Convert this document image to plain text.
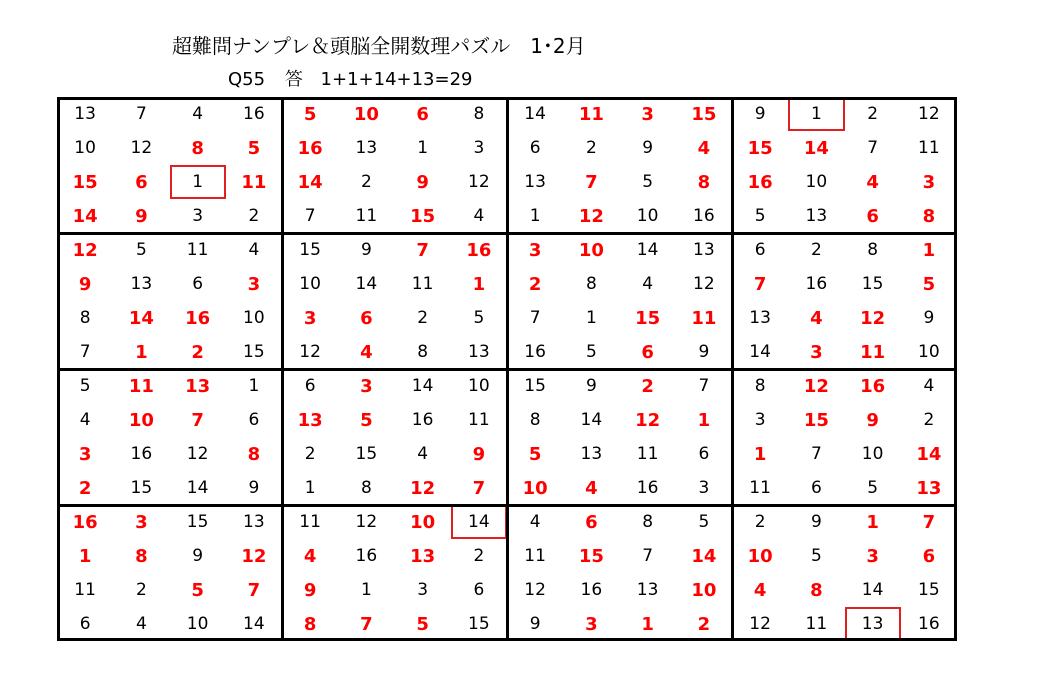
超難問ナンプレ＆頭脳全開数理パズル　1･2月
Q55 答 1+1+14+13=29
13	7	4	16	5	10	6	8	14	11	3	15	9	1	2	12
10	12	8	5	16	13	1	3	6	2	9	4	15	14	7	11
15	6	1	11	14	2	9	12	13	7	5	8	16	10	4	3
14	9	3	2	7	11	15	4	1	12	10	16	5	13	6	8
12	5	11	4	15	9	7	16	3	10	14	13	6	2	8	1
9	13	6	3	10	14	11	1	2	8	4	12	7	16	15	5
8	14	16	10	3	6	2	5	7	1	15	11	13	4	12	9
7	1	2	15	12	4	8	13	16	5	6	9	14	3	11	10
5	11	13	1	6	3	14	10	15	9	2	7	8	12	16	4
4	10	7	6	13	5	16	11	8	14	12	1	3	15	9	2
3	16	12	8	2	15	4	9	5	13	11	6	1	7	10	14
2	15	14	9	1	8	12	7	10	4	16	3	11	6	5	13
16	3	15	13	11	12	10	14	4	6	8	5	2	9	1	7
1	8	9	12	4	16	13	2	11	15	7	14	10	5	3	6
11	2	5	7	9	1	3	6	12	16	13	10	4	8	14	15
6	4	10	14	8	7	5	15	9	3	1	2	12	11	13	16
